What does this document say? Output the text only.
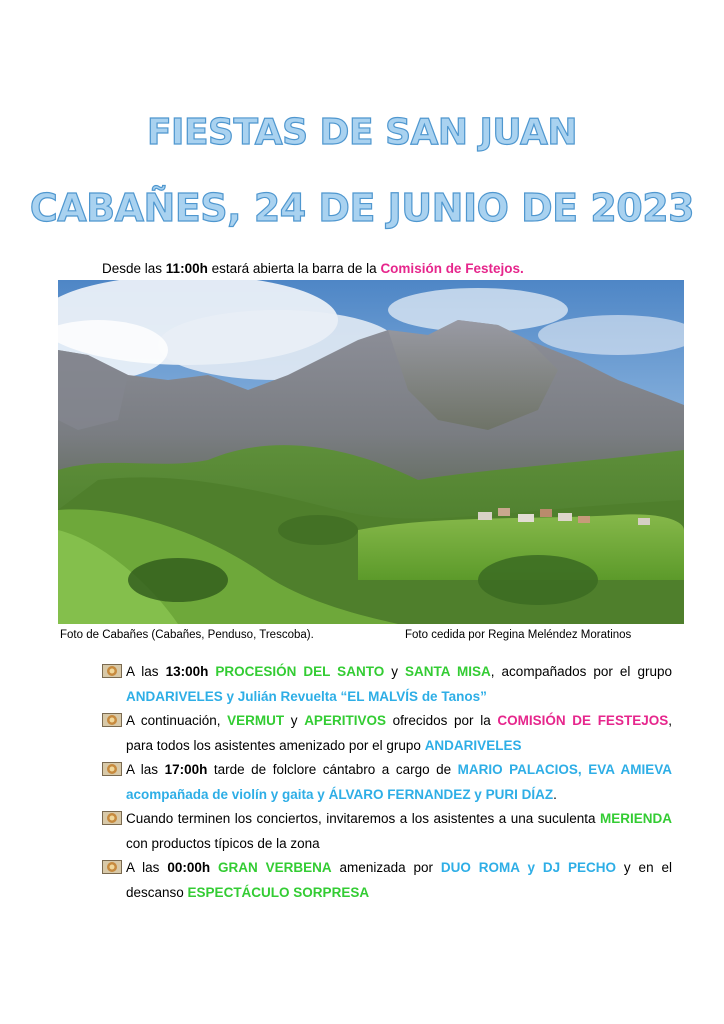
FIESTAS DE SAN JUAN
CABAÑES, 24 DE JUNIO DE 2023
Desde las 11:00h estará abierta la barra de la Comisión de Festejos.
Foto de Cabañes (Cabañes, Penduso, Trescoba).	Foto cedida por Regina Meléndez Moratinos
A las 13:00h PROCESIÓN DEL SANTO y SANTA MISA, acompañados por el grupo ANDARIVELES y Julián Revuelta “EL MALVÍS de Tanos”
A continuación, VERMUT y APERITIVOS ofrecidos por la COMISIÓN DE FESTEJOS, para todos los asistentes amenizado por el grupo ANDARIVELES
A las 17:00h tarde de folclore cántabro a cargo de MARIO PALACIOS, EVA AMIEVA acompañada de violín y gaita y ÁLVARO FERNANDEZ y PURI DÍAZ.
Cuando terminen los conciertos, invitaremos a los asistentes a una suculenta MERIENDA con productos típicos de la zona
A las 00:00h GRAN VERBENA amenizada por DUO ROMA y DJ PECHO y en el descanso ESPECTÁCULO SORPRESA
